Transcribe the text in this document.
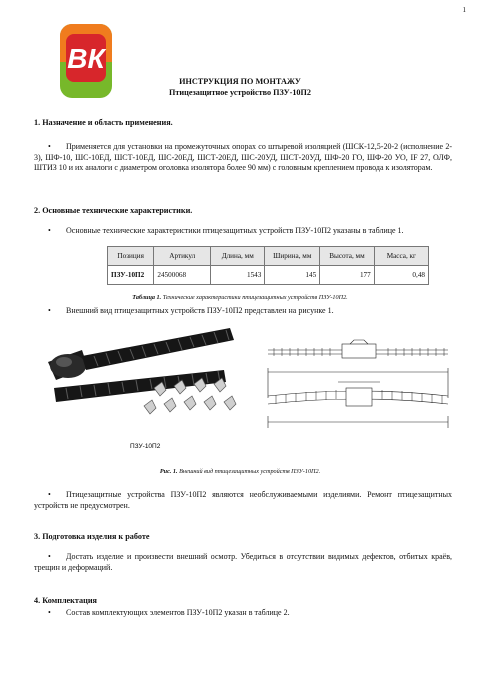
1
ВК
ИНСТРУКЦИЯ ПО МОНТАЖУ
Птицезащитное устройство ПЗУ-10П2
1. Назначение и область применения.
• Применяется для установки на промежуточных опорах со штыревой изоляцией (ШСК-12,5-20-2 (исполнение 2-3), ШФ-10, ШС-10ЕД, ШСТ-10ЕД, ШС-20ЕД, ШСТ-20ЕД, ШС-20УД, ШСТ-20УД, ШФ-20 ГО, ШФ-20 УО, IF 27, ОЛФ, ШТИЗ 10 и их аналоги с диаметром оголовка изолятора более 90 мм) с головным креплением провода к изоляторам.
2. Основные технические характеристики.
• Основные технические характеристики птицезащитных устройств ПЗУ-10П2 указаны в таблице 1.
Позиция	Артикул	Длина, мм	Ширина, мм	Высота, мм	Масса, кг
ПЗУ-10П2	24500068	1543	145	177	0,48
Таблица 1. Технические характеристики птицезащитных устройств ПЗУ-10П2.
• Внешний вид птицезащитных устройств ПЗУ-10П2 представлен на рисунке 1.
ПЗУ-10П2
Рис. 1. Внешний вид птицезащитных устройств ПЗУ-10П2.
• Птицезащитные устройства ПЗУ-10П2 являются необслуживаемыми изделиями. Ремонт птицезащитных устройств не предусмотрен.
3. Подготовка изделия к работе
• Достать изделие и произвести внешний осмотр. Убедиться в отсутствии видимых дефектов, отбитых краёв, трещин и деформаций.
4. Комплектация
• Состав комплектующих элементов ПЗУ-10П2 указан в таблице 2.
